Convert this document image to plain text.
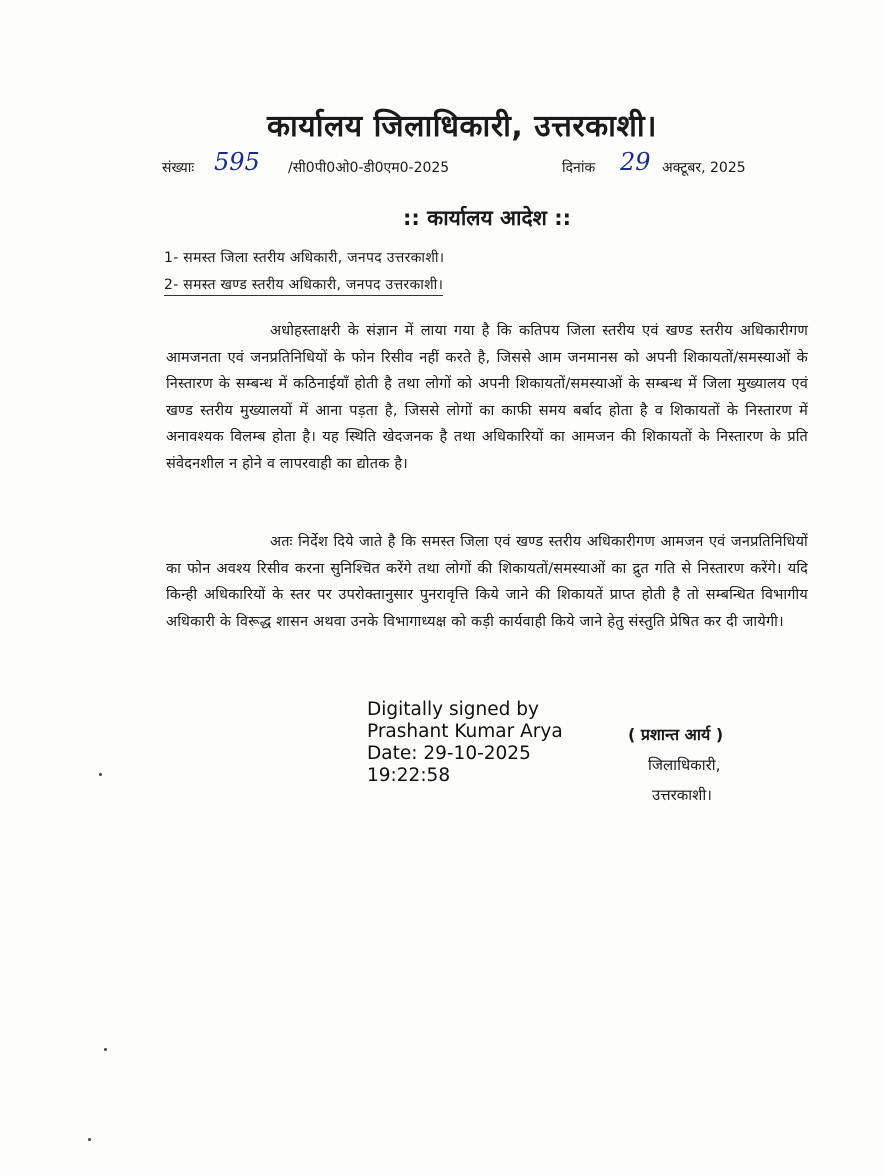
कार्यालय जिलाधिकारी, उत्तरकाशी।
संख्याः 595 /सी0पी0ओ0-डी0एम0-2025	दिनांक 29 अक्टूबर, 2025
:: कार्यालय आदेश ::
1- समस्त जिला स्तरीय अधिकारी, जनपद उत्तरकाशी।
2- समस्त खण्ड स्तरीय अधिकारी, जनपद उत्तरकाशी।

अधोहस्ताक्षरी के संज्ञान में लाया गया है कि कतिपय जिला स्तरीय एवं खण्ड स्तरीय अधिकारीगण आमजनता एवं जनप्रतिनिधियों के फोन रिसीव नहीं करते है, जिससे आम जनमानस को अपनी शिकायतों/समस्याओं के निस्तारण के सम्बन्ध में कठिनाईयाँ होती है तथा लोगों को अपनी शिकायतों/समस्याओं के सम्बन्ध में जिला मुख्यालय एवं खण्ड स्तरीय मुख्यालयों में आना पड़ता है, जिससे लोगों का काफी समय बर्बाद होता है व शिकायतों के निस्तारण में अनावश्यक विलम्ब होता है। यह स्थिति खेदजनक है तथा अधिकारियों का आमजन की शिकायतों के निस्तारण के प्रति संवेदनशील न होने व लापरवाही का द्योतक है।

अतः निर्देश दिये जाते है कि समस्त जिला एवं खण्ड स्तरीय अधिकारीगण आमजन एवं जनप्रतिनिधियों का फोन अवश्य रिसीव करना सुनिश्चित करेंगे तथा लोगों की शिकायतों/समस्याओं का द्रुत गति से निस्तारण करेंगे। यदि किन्ही अधिकारियों के स्तर पर उपरोक्तानुसार पुनरावृत्ति किये जाने की शिकायतें प्राप्त होती है तो सम्बन्धित विभागीय अधिकारी के विरूद्ध शासन अथवा उनके विभागाध्यक्ष को कड़ी कार्यवाही किये जाने हेतु संस्तुति प्रेषित कर दी जायेगी।

Digitally signed by
Prashant Kumar Arya
Date: 29-10-2025
19:22:58
( प्रशान्त आर्य )
जिलाधिकारी,
उत्तरकाशी।
